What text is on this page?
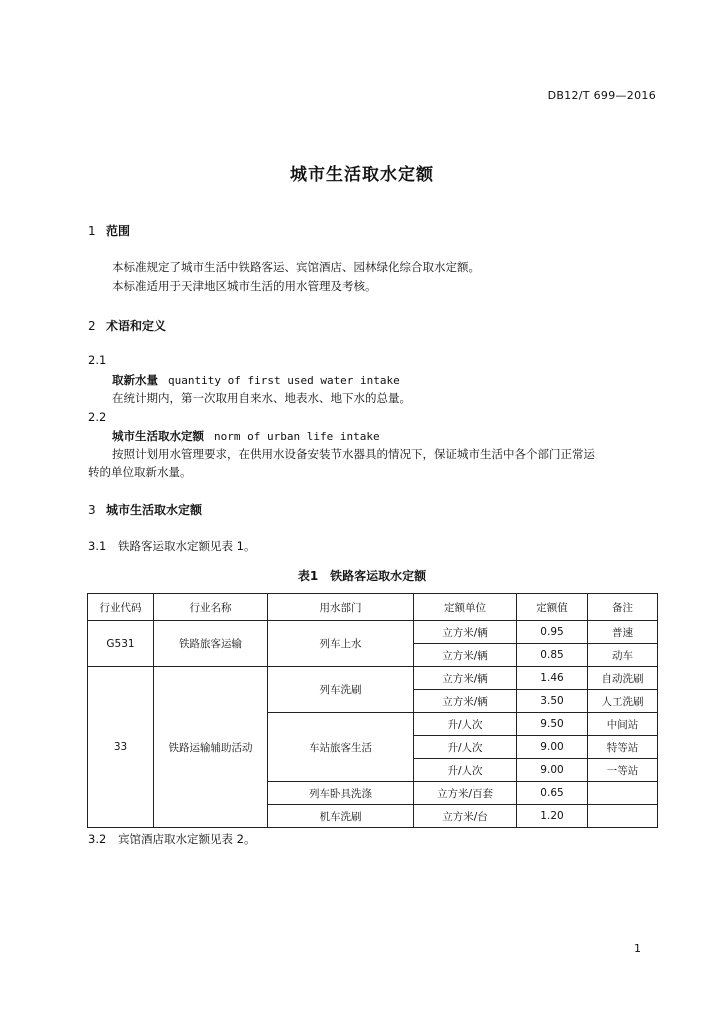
DB12/T 699—2016
城市生活取水定额
1 范围
本标准规定了城市生活中铁路客运、宾馆酒店、园林绿化综合取水定额。
本标准适用于天津地区城市生活的用水管理及考核。
2 术语和定义
2.1
取新水量 quantity of first used water intake
在统计期内，第一次取用自来水、地表水、地下水的总量。
2.2
城市生活取水定额 norm of urban life intake
按照计划用水管理要求，在供用水设备安装节水器具的情况下，保证城市生活中各个部门正常运
转的单位取新水量。
3 城市生活取水定额
3.1 铁路客运取水定额见表 1。
表1　铁路客运取水定额
行业代码	行业名称	用水部门	定额单位	定额值	备注
G531	铁路旅客运输	列车上水	立方米/辆	0.95	普速
			立方米/辆	0.85	动车
33	铁路运输辅助活动	列车洗刷	立方米/辆	1.46	自动洗刷
			立方米/辆	3.50	人工洗刷
		车站旅客生活	升/人次	9.50	中间站
			升/人次	9.00	特等站
			升/人次	9.00	一等站
		列车卧具洗涤	立方米/百套	0.65	
		机车洗刷	立方米/台	1.20	
3.2 宾馆酒店取水定额见表 2。
1
